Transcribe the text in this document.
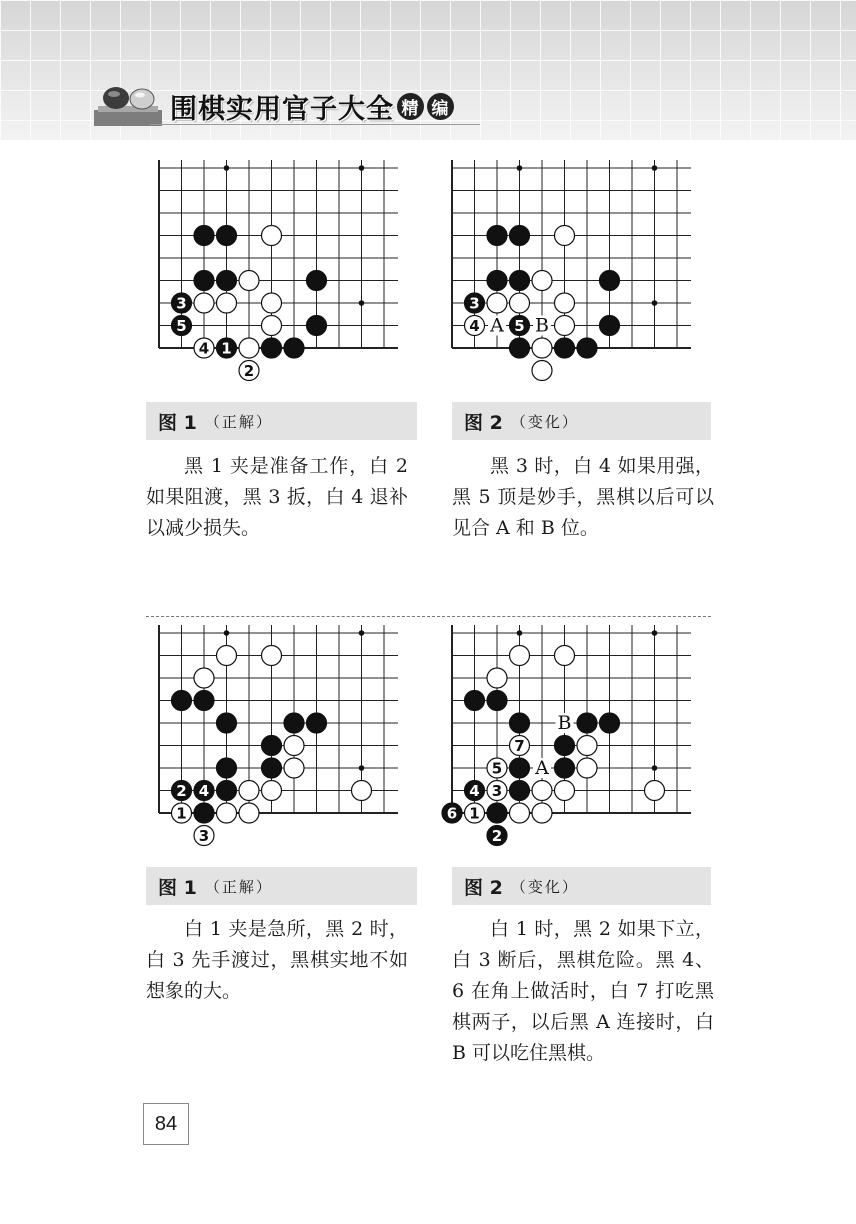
围棋实用官子大全 精 编
3
5
4 1
2
图 1 （正解）

黑 1 夹是准备工作，白 2 如果阻渡，黑 3 扳，白 4 退补以减少损失。

A B
3
4 5
图 2 （变化）

黑 3 时，白 4 如果用强，黑 5 顶是妙手，黑棋以后可以见合 A 和 B 位。

2 4
1
3
图 1 （正解）

白 1 夹是急所，黑 2 时，白 3 先手渡过，黑棋实地不如想象的大。

B
A
7
5
4 3
6 1
2
图 2 （变化）

白 1 时，黑 2 如果下立，白 3 断后，黑棋危险。黑 4、6 在角上做活时，白 7 打吃黑棋两子，以后黑 A 连接时，白 B 可以吃住黑棋。

84
